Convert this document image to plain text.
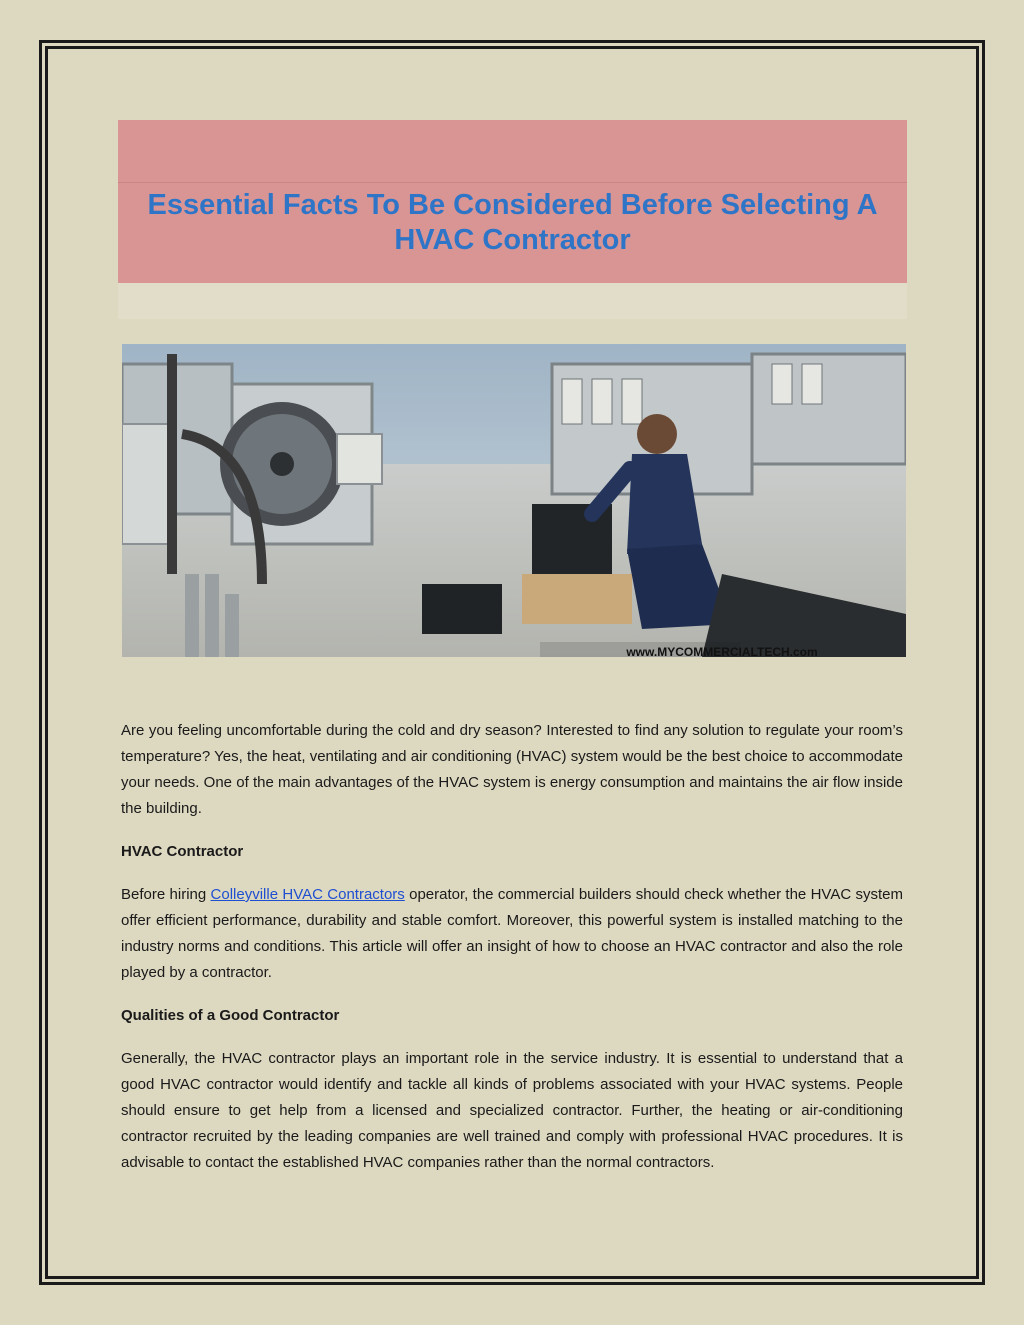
Essential Facts To Be Considered Before Selecting A HVAC Contractor
www.MYCOMMERCIALTECH.com

Are you feeling uncomfortable during the cold and dry season? Interested to find any solution to regulate your room’s temperature? Yes, the heat, ventilating and air conditioning (HVAC) system would be the best choice to accommodate your needs. One of the main advantages of the HVAC system is energy consumption and maintains the air flow inside the building.

HVAC Contractor

Before hiring Colleyville HVAC Contractors operator, the commercial builders should check whether the HVAC system offer efficient performance, durability and stable comfort. Moreover, this powerful system is installed matching to the industry norms and conditions. This article will offer an insight of how to choose an HVAC contractor and also the role played by a contractor.

Qualities of a Good Contractor

Generally, the HVAC contractor plays an important role in the service industry. It is essential to understand that a good HVAC contractor would identify and tackle all kinds of problems associated with your HVAC systems. People should ensure to get help from a licensed and specialized contractor. Further, the heating or air-conditioning contractor recruited by the leading companies are well trained and comply with professional HVAC procedures. It is advisable to contact the established HVAC companies rather than the normal contractors.
